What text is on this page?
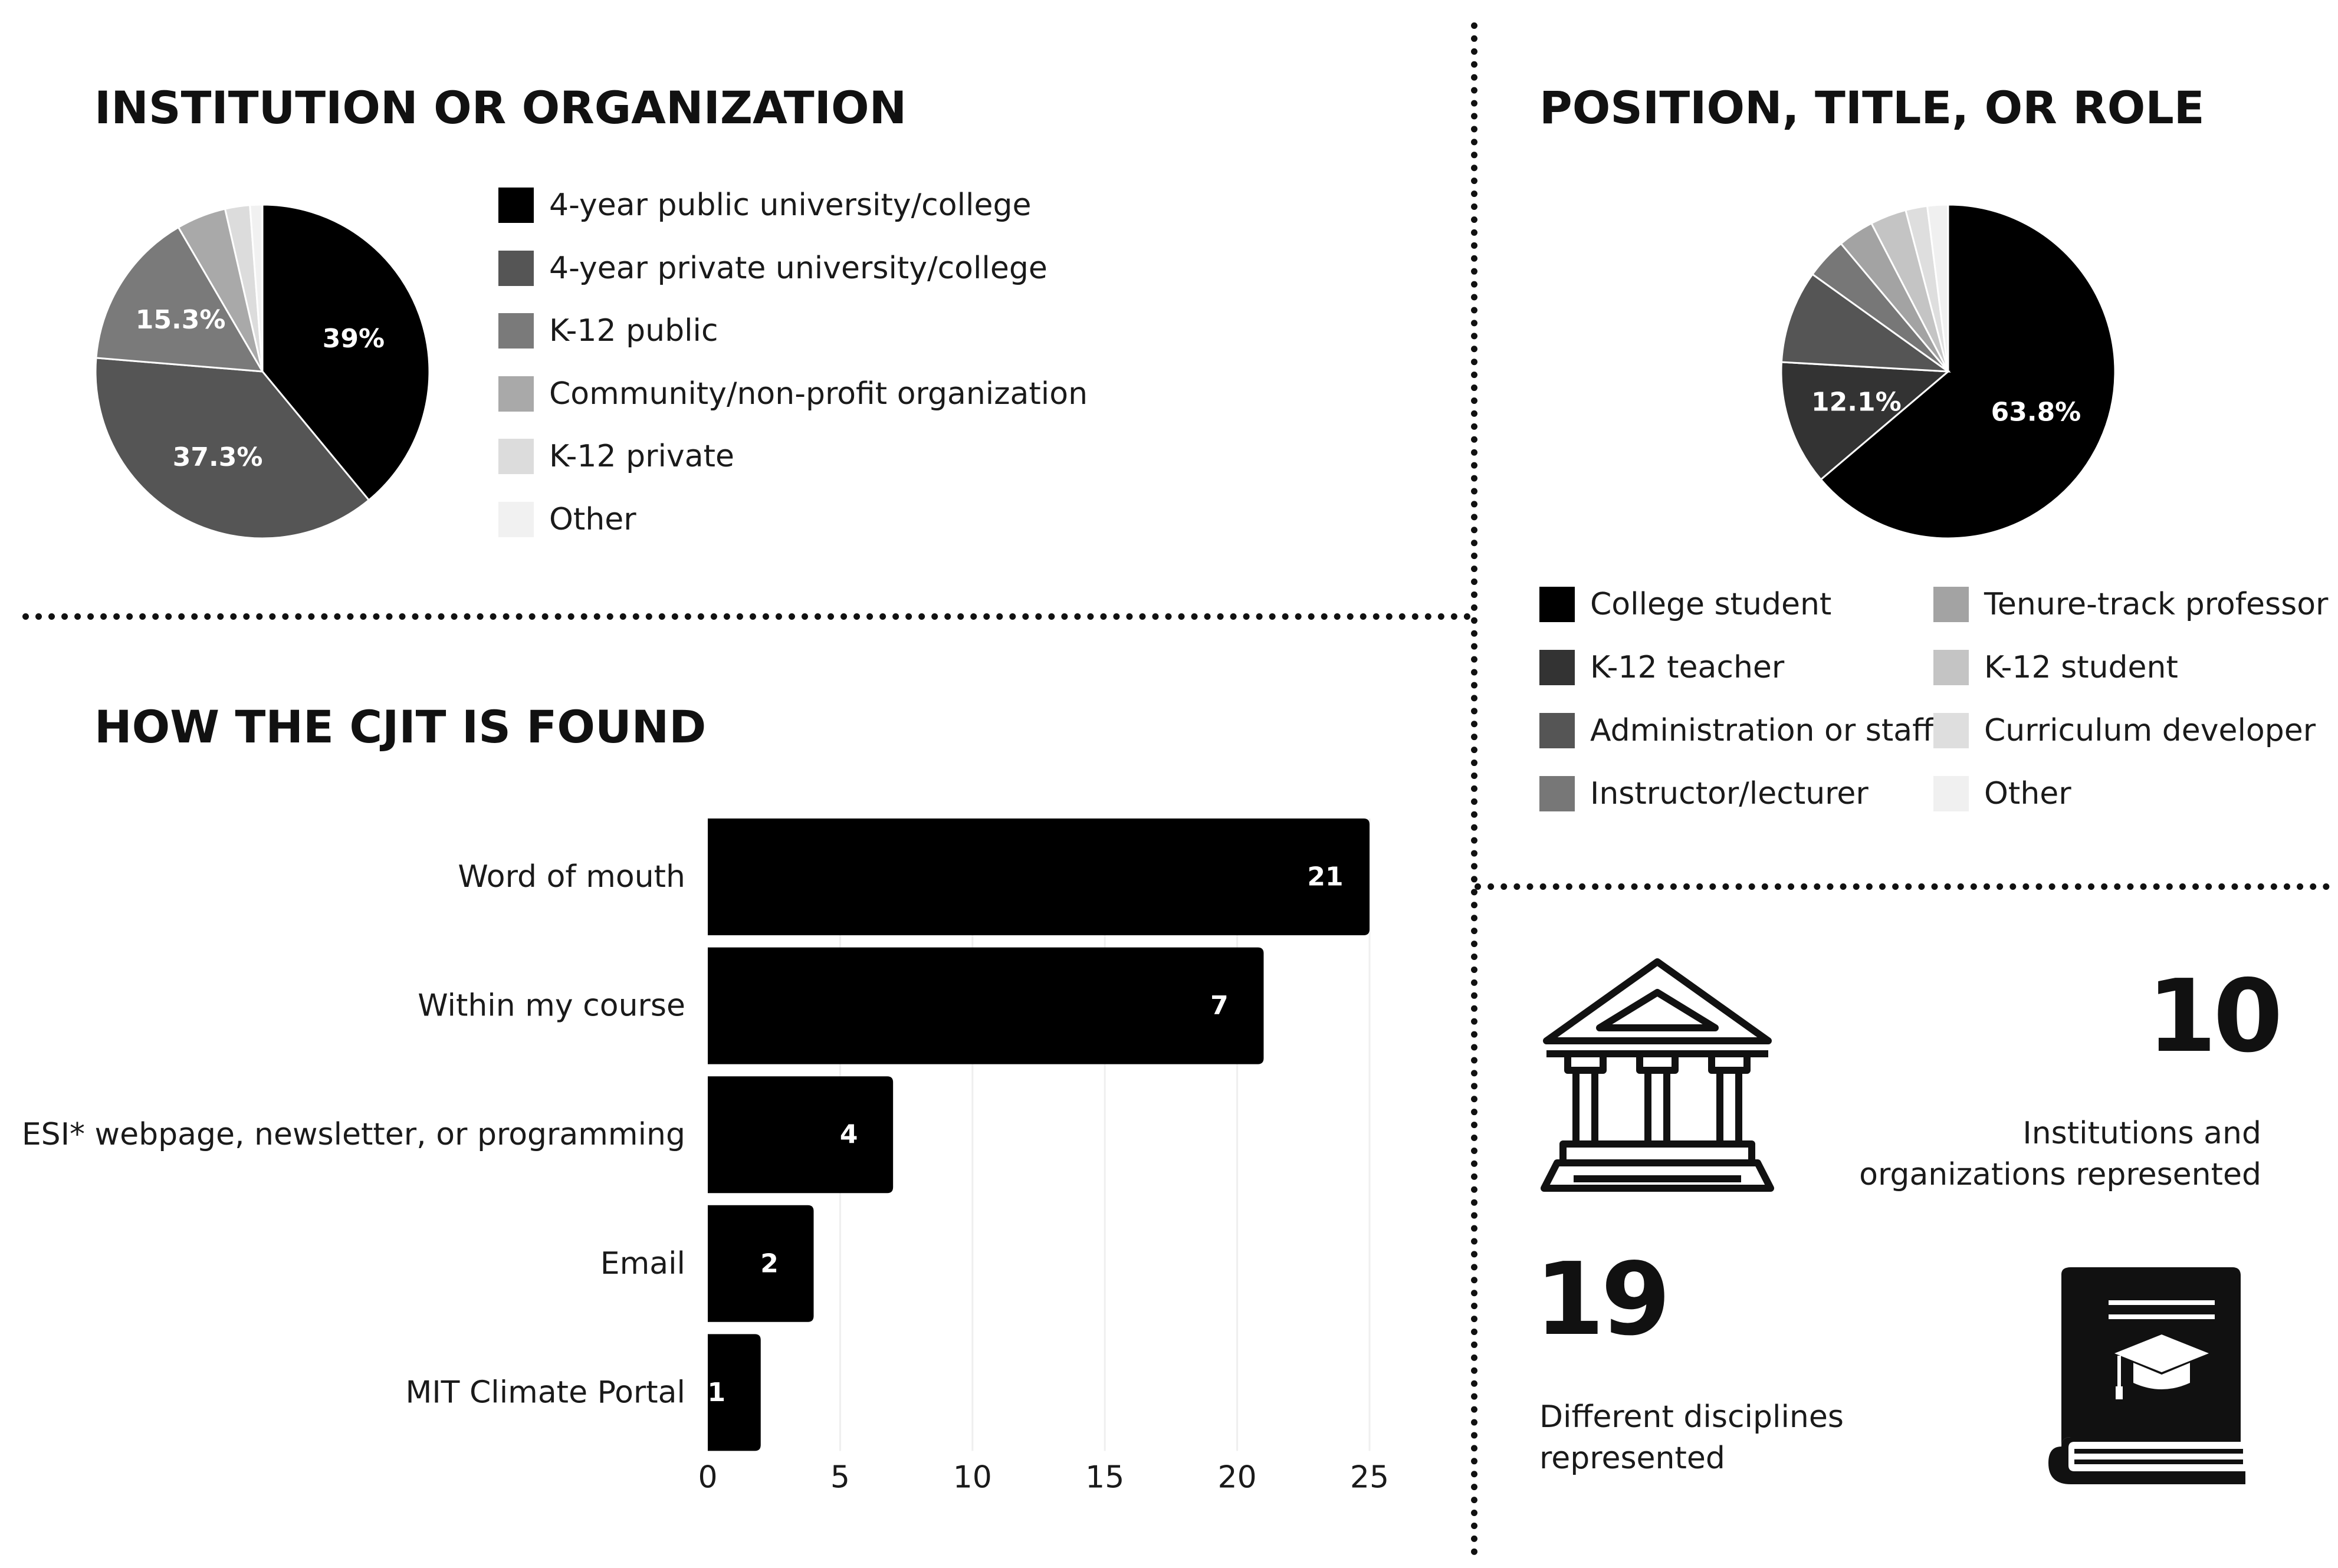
INSTITUTION OR ORGANIZATION
39%
37.3%
15.3%
4-year public university/college
4-year private university/college
K-12 public
Community/non-profit organization
K-12 private
Other
POSITION, TITLE, OR ROLE
63.8%
12.1%
College student
K-12 teacher
Administration or staff
Instructor/lecturer
Tenure-track professor
K-12 student
Curriculum developer
Other
HOW THE CJIT IS FOUND
0	5	10	15	20	25
Word of mouth	21
Within my course	7
ESI* webpage, newsletter, or programming	4
Email	2
MIT Climate Portal 1
10
Institutions and
organizations represented
19
Different disciplines
represented
